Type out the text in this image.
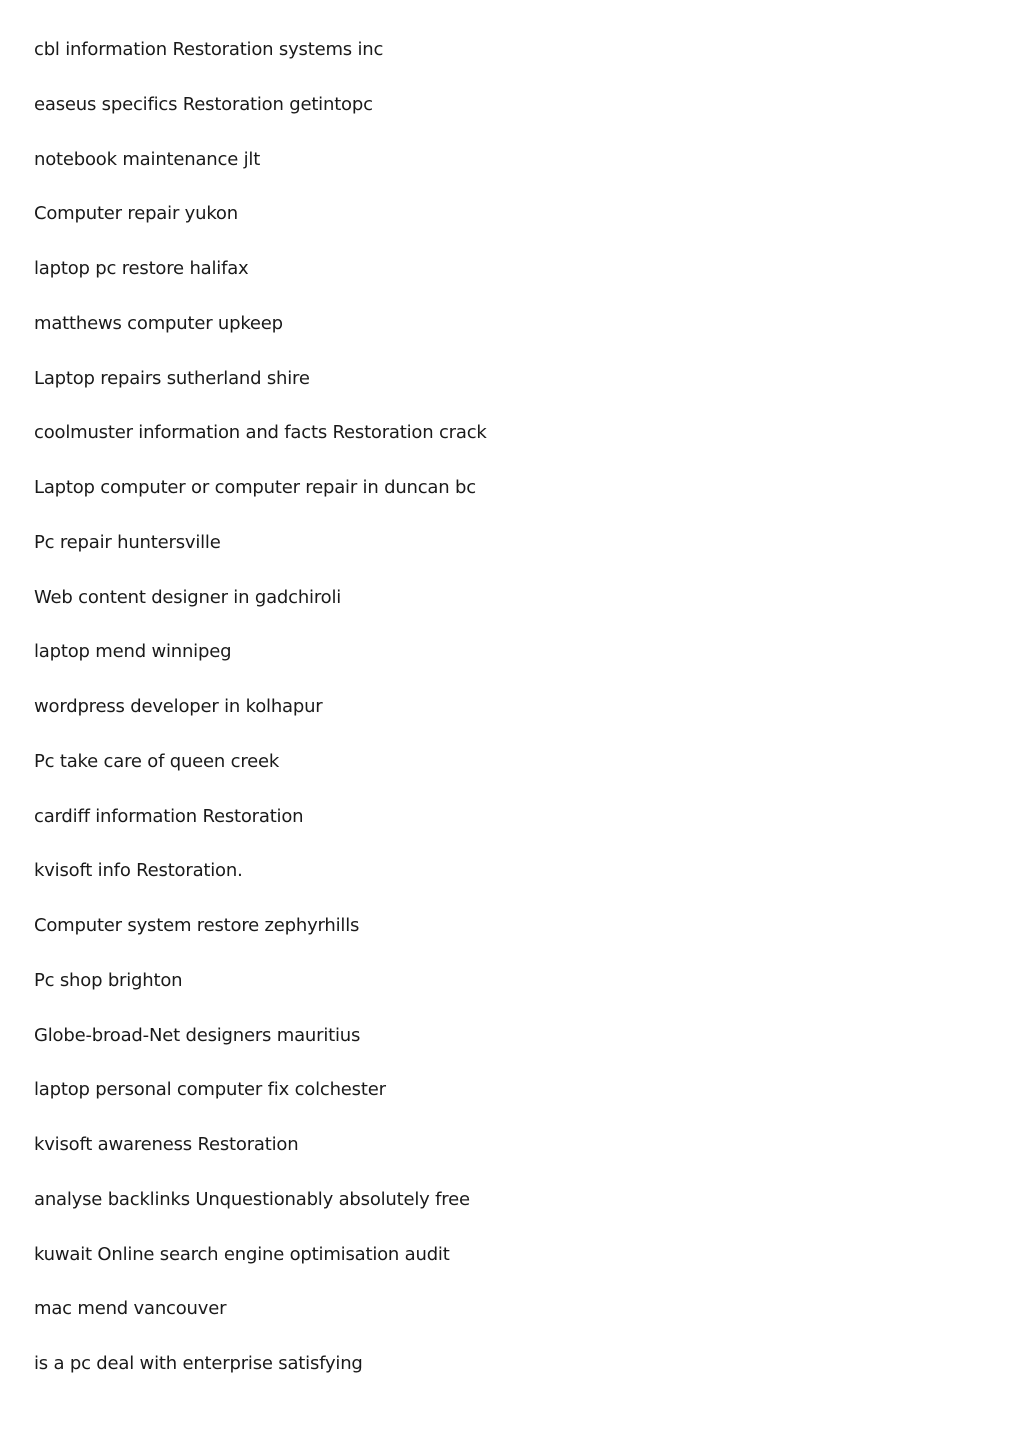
cbl information Restoration systems inc
easeus specifics Restoration getintopc
notebook maintenance jlt
Computer repair yukon
laptop pc restore halifax
matthews computer upkeep
Laptop repairs sutherland shire
coolmuster information and facts Restoration crack
Laptop computer or computer repair in duncan bc
Pc repair huntersville
Web content designer in gadchiroli
laptop mend winnipeg
wordpress developer in kolhapur
Pc take care of queen creek
cardiff information Restoration
kvisoft info Restoration.
Computer system restore zephyrhills
Pc shop brighton
Globe-broad-Net designers mauritius
laptop personal computer fix colchester
kvisoft awareness Restoration
analyse backlinks Unquestionably absolutely free
kuwait Online search engine optimisation audit
mac mend vancouver
is a pc deal with enterprise satisfying
